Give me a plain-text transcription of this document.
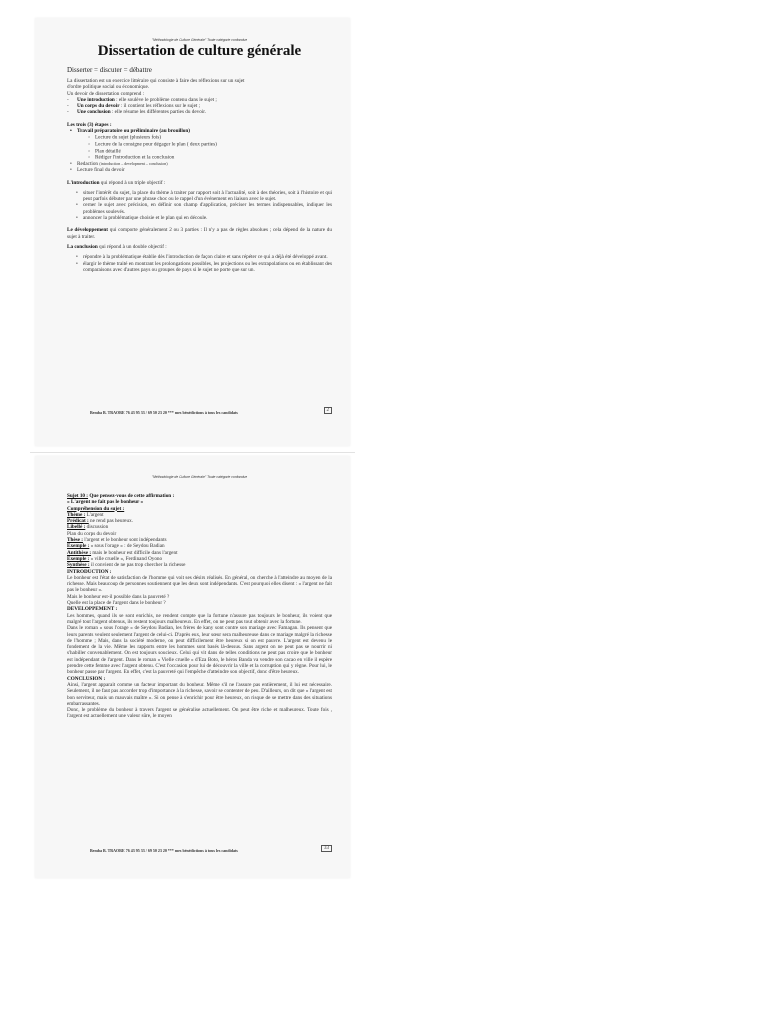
"Méthodologie de Culture Générale" Toute catégorie confondue
Dissertation de culture générale
Disserter = discuter = débattre

La dissertation est un exercice littéraire qui consiste à faire des réflexions sur un sujet

d'ordre politique social ou économique.

Un devoir de dissertation comprend :

- Une introduction : elle soulève le problème contenu dans le sujet ;

- Un corps du devoir : il contient les réflexions sur le sujet ;

- Une conclusion : elle résume les différentes parties du devoir.

Les trois (3) étapes :

• Travail préparatoire ou préliminaire (au brouillon)

○ Lecture du sujet (plusieurs fois)

○ Lecture de la consigne pour dégager le plan ( deux parties)

○ Plan détaillé

○ Rédiger l'introduction et la conclusion

• Redaction (introduction – development – conclusion)

• Lecture final du devoir

L'introduction qui répond à un triple objectif :

• situer l'intérêt du sujet, la place du thème à traiter par rapport soit à l'actualité, soit à des théories, soit à l'histoire et qui peut parfois débuter par une phrase choc ou le rappel d'un événement en liaison avec le sujet.

• cerner le sujet avec précision, en définir son champ d'application, préciser les termes indispensables, indiquer les problèmes soulevés.

• annoncer la problématique choisie et le plan qui en découle.

Le développement qui comporte généralement 2 ou 3 parties : Il n'y a pas de règles absolues ; cela dépend de la nature du sujet à traiter.

La conclusion qui répond à un double objectif :

• répondre à la problématique établie dès l'introduction de façon claire et sans répéter ce qui a déjà été développé avant.

• élargir le thème traité en montrant les prolongations possibles, les projections ou les extrapolations ou en établissant des comparaisons avec d'autres pays ou groupes de pays si le sujet ne porte que sur un.

Bemba B. TRAORE 76 43 95 33 / 69 50 23 20 *** mes bénédictions à tous les candidats	2
"Méthodologie de Culture Générale" Toute catégorie confondue

Sujet 10 : Que pensez-vous de cette affirmation :

« L'argent ne fait pas le bonheur »

Compréhension du sujet :

Thème : L'argent

Prédicat : ne rend pas heureux.

Libellé : discussion

Plan du corps du devoir

Thèse : l'argent et le bonheur sont indépendants

Exemple : « sous l'orage » : de Seydou Badian

Antithèse : mais le bonheur est difficile dans l'argent

Exemple : « ville cruelle », Ferdinand Oyono

Synthèse : il convient de ne pas trop chercher la richesse

INTRODUCTION :

Le bonheur est l'état de satisfaction de l'homme qui voit ses désirs réalisés. En général, on cherche à l'atteindre au moyen de la richesse. Mais beaucoup de personnes soutiennent que les deux sont indépendants. C'est pourquoi elles disent : « l'argent ne fait pas le bonheur ».

Mais le bonheur est-il possible dans la pauvreté ?

Quelle est la place de l'argent dans le bonheur ?

DEVELOPPEMENT :

Les hommes, quand ils se sont enrichis, ne rendent compte que la fortune n'assure pas toujours le bonheur, ils voient que malgré tout l'argent obtenus, ils restent toujours malheureux. En effet, on ne peut pas tout obtenir avec la fortune.

Dans le roman « sous l'orage » de Seydou Badian, les frères de kany sont contre son mariage avec Famagan. Ils pensent que leurs parents veulent seulement l'argent de celui-ci. D'après eux, leur sœur sera malheureuse dans ce mariage malgré la richesse de l'homme ; Mais, dans la société moderne, on peut difficilement être heureux si on est pauvre. L'argent est devenu le fondement de la vie. Même les rapports entre les hommes sont basés là-dessus. Sans argent on ne peut pas se nourrir ni s'habiller convenablement. On est toujours soucieux. Celui qui vit dans de telles conditions ne peut pas croire que le bonheur est indépendant de l'argent. Dans le roman « Vielle cruelle » d'Eza Boto, le héros Banda va vendre son cacao en ville il espère prendre cette femme avec l'argent obtenu. C'est l'occasion pour lui de découvrir la ville et la corruption qui y règne. Pour lui, le bonheur passe par l'argent. En effet, c'est la pauvreté qui l'empêche d'atteindre son objectif, donc d'être heureux.

CONCLUSION :

Ainsi, l'argent apparait comme un facteur important du bonheur. Même s'il ne l'assure pas entièrement, il lui est nécessaire. Seulement, il ne faut pas accorder trop d'importance à la richesse, savoir se contenter de peu. D'ailleurs, on dit que « l'argent est bon serviteur, mais un mauvais maître ». Si on pense à s'enrichir pour être heureux, on risque de se mettre dans des situations embarrassantes.

Donc, le problème du bonheur à travers l'argent se généralise actuellement. On peut être riche et malheureux. Toute fois , l'argent est actuellement une valeur sûre, le moyen

Bemba B. TRAORE 76 43 95 33 / 69 50 23 20 *** mes bénédictions à tous les candidats	33
